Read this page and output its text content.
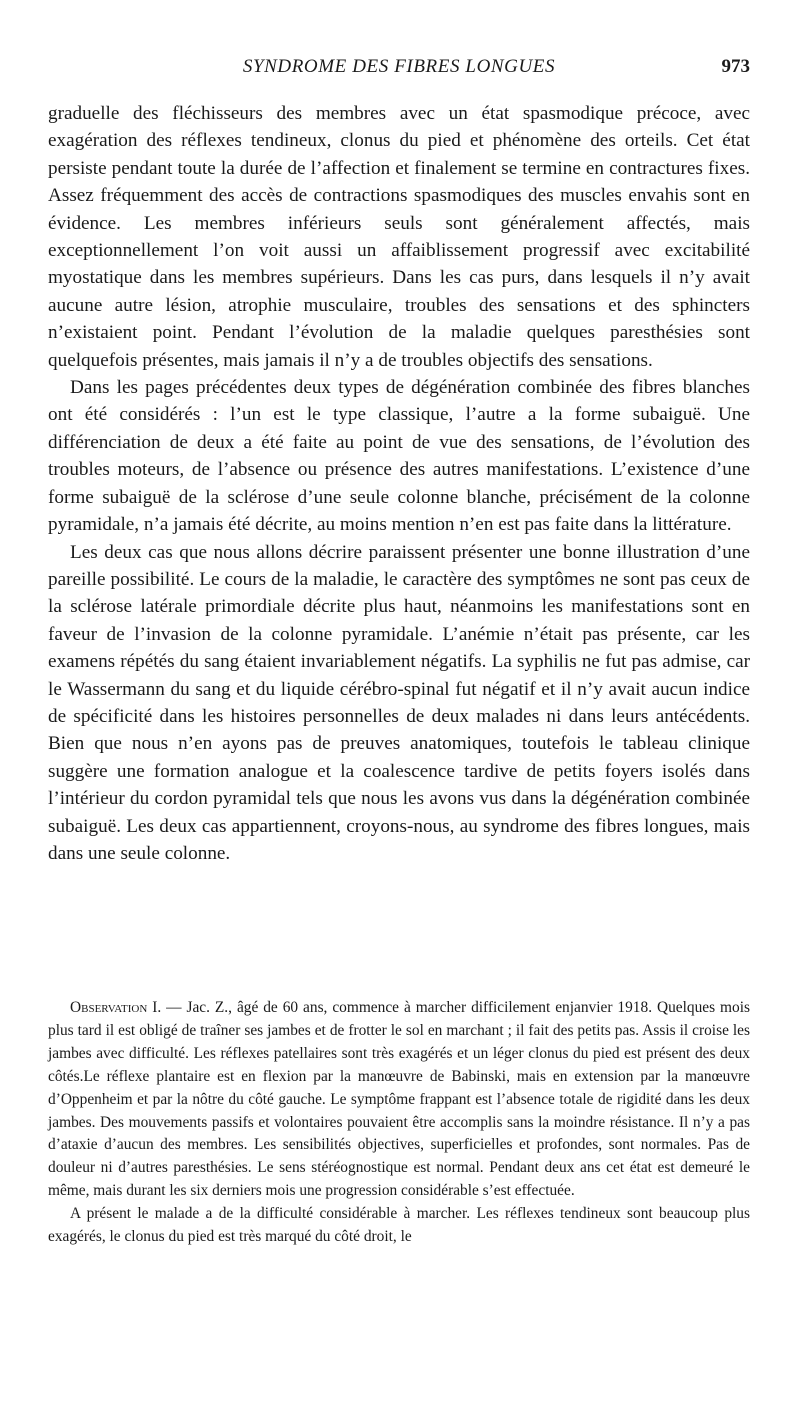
SYNDROME DES FIBRES LONGUES	973

graduelle des fléchisseurs des membres avec un état spasmodique précoce, avec exagération des réflexes tendineux, clonus du pied et phénomène des orteils. Cet état persiste pendant toute la durée de l’affection et finalement se termine en contractures fixes. Assez fréquemment des accès de contractions spasmodiques des muscles envahis sont en évidence. Les membres inférieurs seuls sont généralement affectés, mais exceptionnellement l’on voit aussi un affaiblissement progressif avec excitabilité myostatique dans les membres supérieurs. Dans les cas purs, dans lesquels il n’y avait aucune autre lésion, atrophie musculaire, troubles des sensations et des sphincters n’existaient point. Pendant l’évolution de la maladie quelques paresthésies sont quelquefois présentes, mais jamais il n’y a de troubles objectifs des sensations.

Dans les pages précédentes deux types de dégénération combinée des fibres blanches ont été considérés : l’un est le type classique, l’autre a la forme subaiguë. Une différenciation de deux a été faite au point de vue des sensations, de l’évolution des troubles moteurs, de l’absence ou présence des autres manifestations. L’existence d’une forme subaiguë de la sclérose d’une seule colonne blanche, précisément de la colonne pyramidale, n’a jamais été décrite, au moins mention n’en est pas faite dans la littérature.

Les deux cas que nous allons décrire paraissent présenter une bonne illustration d’une pareille possibilité. Le cours de la maladie, le caractère des symptômes ne sont pas ceux de la sclérose latérale primordiale décrite plus haut, néanmoins les manifestations sont en faveur de l’invasion de la colonne pyramidale. L’anémie n’était pas présente, car les examens répétés du sang étaient invariablement négatifs. La syphilis ne fut pas admise, car le Wassermann du sang et du liquide cérébro-spinal fut négatif et il n’y avait aucun indice de spécificité dans les histoires personnelles de deux malades ni dans leurs antécédents. Bien que nous n’en ayons pas de preuves anatomiques, toutefois le tableau clinique suggère une formation analogue et la coalescence tardive de petits foyers isolés dans l’intérieur du cordon pyramidal tels que nous les avons vus dans la dégénération combinée subaiguë. Les deux cas appartiennent, croyons-nous, au syndrome des fibres longues, mais dans une seule colonne.

Observation I. — Jac. Z., âgé de 60 ans, commence à marcher difficilement enjanvier 1918. Quelques mois plus tard il est obligé de traîner ses jambes et de frotter le sol en marchant ; il fait des petits pas. Assis il croise les jambes avec difficulté. Les réflexes patellaires sont très exagérés et un léger clonus du pied est présent des deux côtés.Le réflexe plantaire est en flexion par la manœuvre de Babinski, mais en extension par la manœuvre d’Oppenheim et par la nôtre du côté gauche. Le symptôme frappant est l’absence totale de rigidité dans les deux jambes. Des mouvements passifs et volontaires pouvaient être accomplis sans la moindre résistance. Il n’y a pas d’ataxie d’aucun des membres. Les sensibilités objectives, superficielles et profondes, sont normales. Pas de douleur ni d’autres paresthésies. Le sens stéréognostique est normal. Pendant deux ans cet état est demeuré le même, mais durant les six derniers mois une progression considérable s’est effectuée.

A présent le malade a de la difficulté considérable à marcher. Les réflexes tendineux sont beaucoup plus exagérés, le clonus du pied est très marqué du côté droit, le
